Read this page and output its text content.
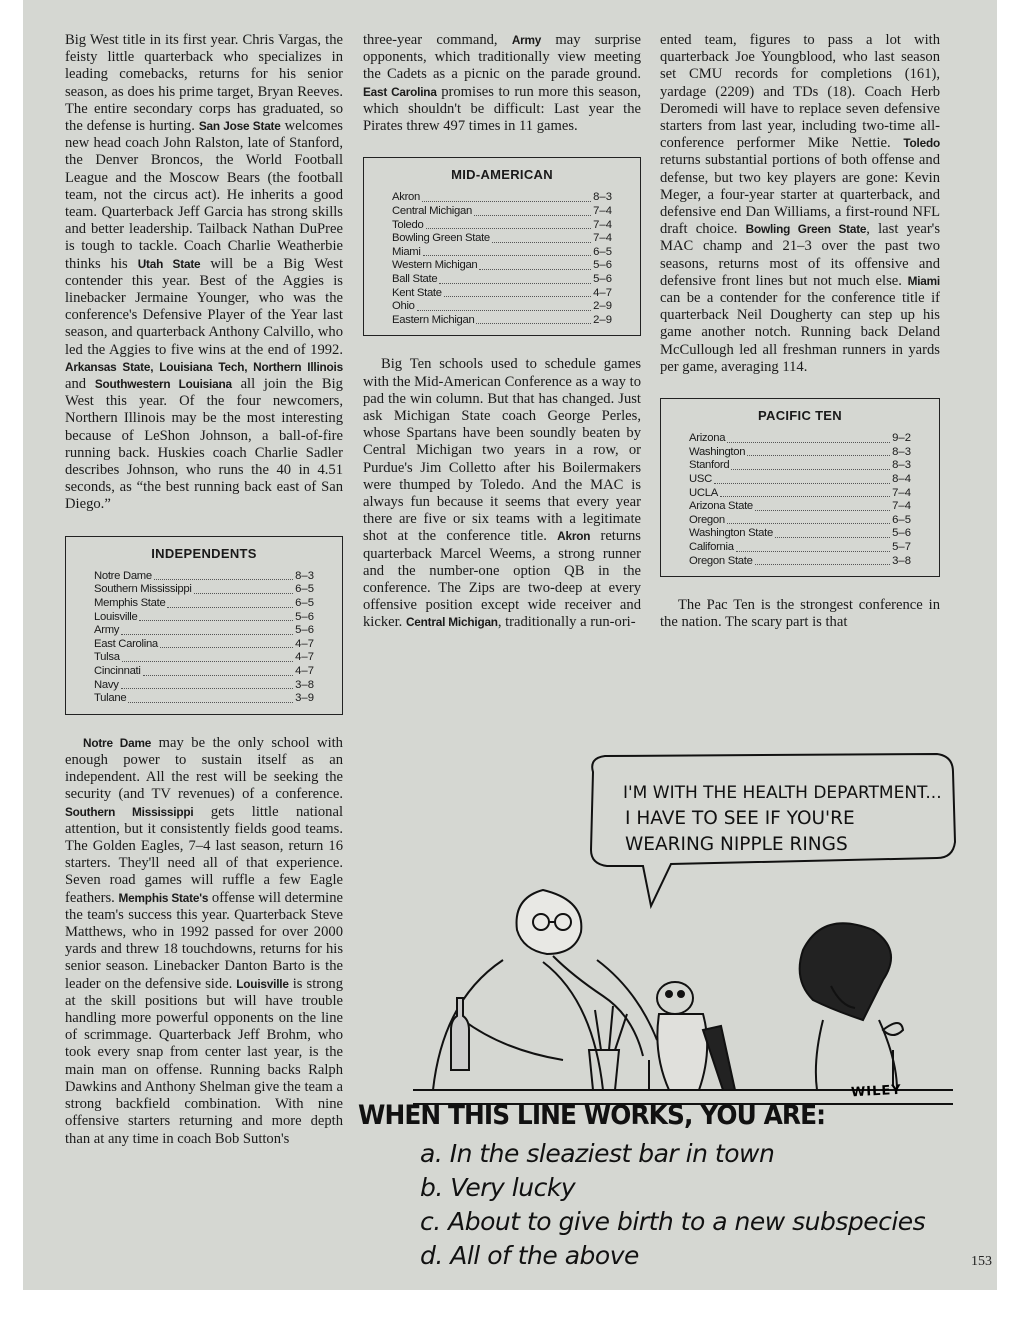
Big West title in its first year. Chris Vargas, the feisty little quarterback who specializes in leading comebacks, returns for his senior season, as does his prime target, Bryan Reeves. The entire secondary corps has graduated, so the defense is hurting. San Jose State welcomes new head coach John Ralston, late of Stanford, the Denver Broncos, the World Football League and the Moscow Bears (the football team, not the circus act). He inherits a good team. Quarterback Jeff Garcia has strong skills and better leadership. Tailback Nathan DuPree is tough to tackle. Coach Charlie Weatherbie thinks his Utah State will be a Big West contender this year. Best of the Aggies is linebacker Jermaine Younger, who was the conference's Defensive Player of the Year last season, and quarterback Anthony Calvillo, who led the Aggies to five wins at the end of 1992. Arkansas State, Louisiana Tech, Northern Illinois and Southwestern Louisiana all join the Big West this year. Of the four newcomers, Northern Illinois may be the most interesting because of LeShon Johnson, a ball-of-fire running back. Huskies coach Charlie Sadler describes Johnson, who runs the 40 in 4.51 seconds, as “the best running back east of San Diego.”

INDEPENDENTS
Notre Dame	8–3
Southern Mississippi	6–5
Memphis State	6–5
Louisville	5–6
Army	5–6
East Carolina	4–7
Tulsa	4–7
Cincinnati	4–7
Navy	3–8
Tulane	3–9

Notre Dame may be the only school with enough power to sustain itself as an independent. All the rest will be seeking the security (and TV revenues) of a conference. Southern Mississippi gets little national attention, but it consistently fields good teams. The Golden Eagles, 7–4 last season, return 16 starters. They'll need all of that experience. Seven road games will ruffle a few Eagle feathers. Memphis State's offense will determine the team's success this year. Quarterback Steve Matthews, who in 1992 passed for over 2000 yards and threw 18 touchdowns, returns for his senior season. Linebacker Danton Barto is the leader on the defensive side. Louisville is strong at the skill positions but will have trouble handling more powerful opponents on the line of scrimmage. Quarterback Jeff Brohm, who took every snap from center last year, is the main man on offense. Running backs Ralph Dawkins and Anthony Shelman give the team a strong backfield combination. With nine offensive starters returning and more depth than at any time in coach Bob Sutton's

three-year command, Army may surprise opponents, which traditionally view meeting the Cadets as a picnic on the parade ground. East Carolina promises to run more this season, which shouldn't be difficult: Last year the Pirates threw 497 times in 11 games.

MID-AMERICAN
Akron	8–3
Central Michigan	7–4
Toledo	7–4
Bowling Green State	7–4
Miami	6–5
Western Michigan	5–6
Ball State	5–6
Kent State	4–7
Ohio	2–9
Eastern Michigan	2–9

Big Ten schools used to schedule games with the Mid-American Conference as a way to pad the win column. But that has changed. Just ask Michigan State coach George Perles, whose Spartans have been soundly beaten by Central Michigan two years in a row, or Purdue's Jim Colletto after his Boilermakers were thumped by Toledo. And the MAC is always fun because it seems that every year there are five or six teams with a legitimate shot at the conference title. Akron returns quarterback Marcel Weems, a strong runner and the number-one option QB in the conference. The Zips are two-deep at every offensive position except wide receiver and kicker. Central Michigan, traditionally a run-ori-

ented team, figures to pass a lot with quarterback Joe Youngblood, who last season set CMU records for completions (161), yardage (2209) and TDs (18). Coach Herb Deromedi will have to replace seven defensive starters from last year, including two-time all-conference performer Mike Nettie. Toledo returns substantial portions of both offense and defense, but two key players are gone: Kevin Meger, a four-year starter at quarterback, and defensive end Dan Williams, a first-round NFL draft choice. Bowling Green State, last year's MAC champ and 21–3 over the past two seasons, returns most of its offensive and defensive front lines but not much else. Miami can be a contender for the conference title if quarterback Neil Dougherty can step up his game another notch. Running back Deland McCullough led all freshman runners in yards per game, averaging 114.

PACIFIC TEN
Arizona	9–2
Washington	8–3
Stanford	8–3
USC	8–4
UCLA	7–4
Arizona State	7–4
Oregon	6–5
Washington State	5–6
California	5–7
Oregon State	3–8

The Pac Ten is the strongest conference in the nation. The scary part is that

I'M WITH THE HEALTH DEPARTMENT...
I HAVE TO SEE IF YOU'RE
WEARING NIPPLE RINGS
WILEY
WHEN THIS LINE WORKS, YOU ARE:
a. In the sleaziest bar in town
b. Very lucky
c. About to give birth to a new subspecies
d. All of the above	153
